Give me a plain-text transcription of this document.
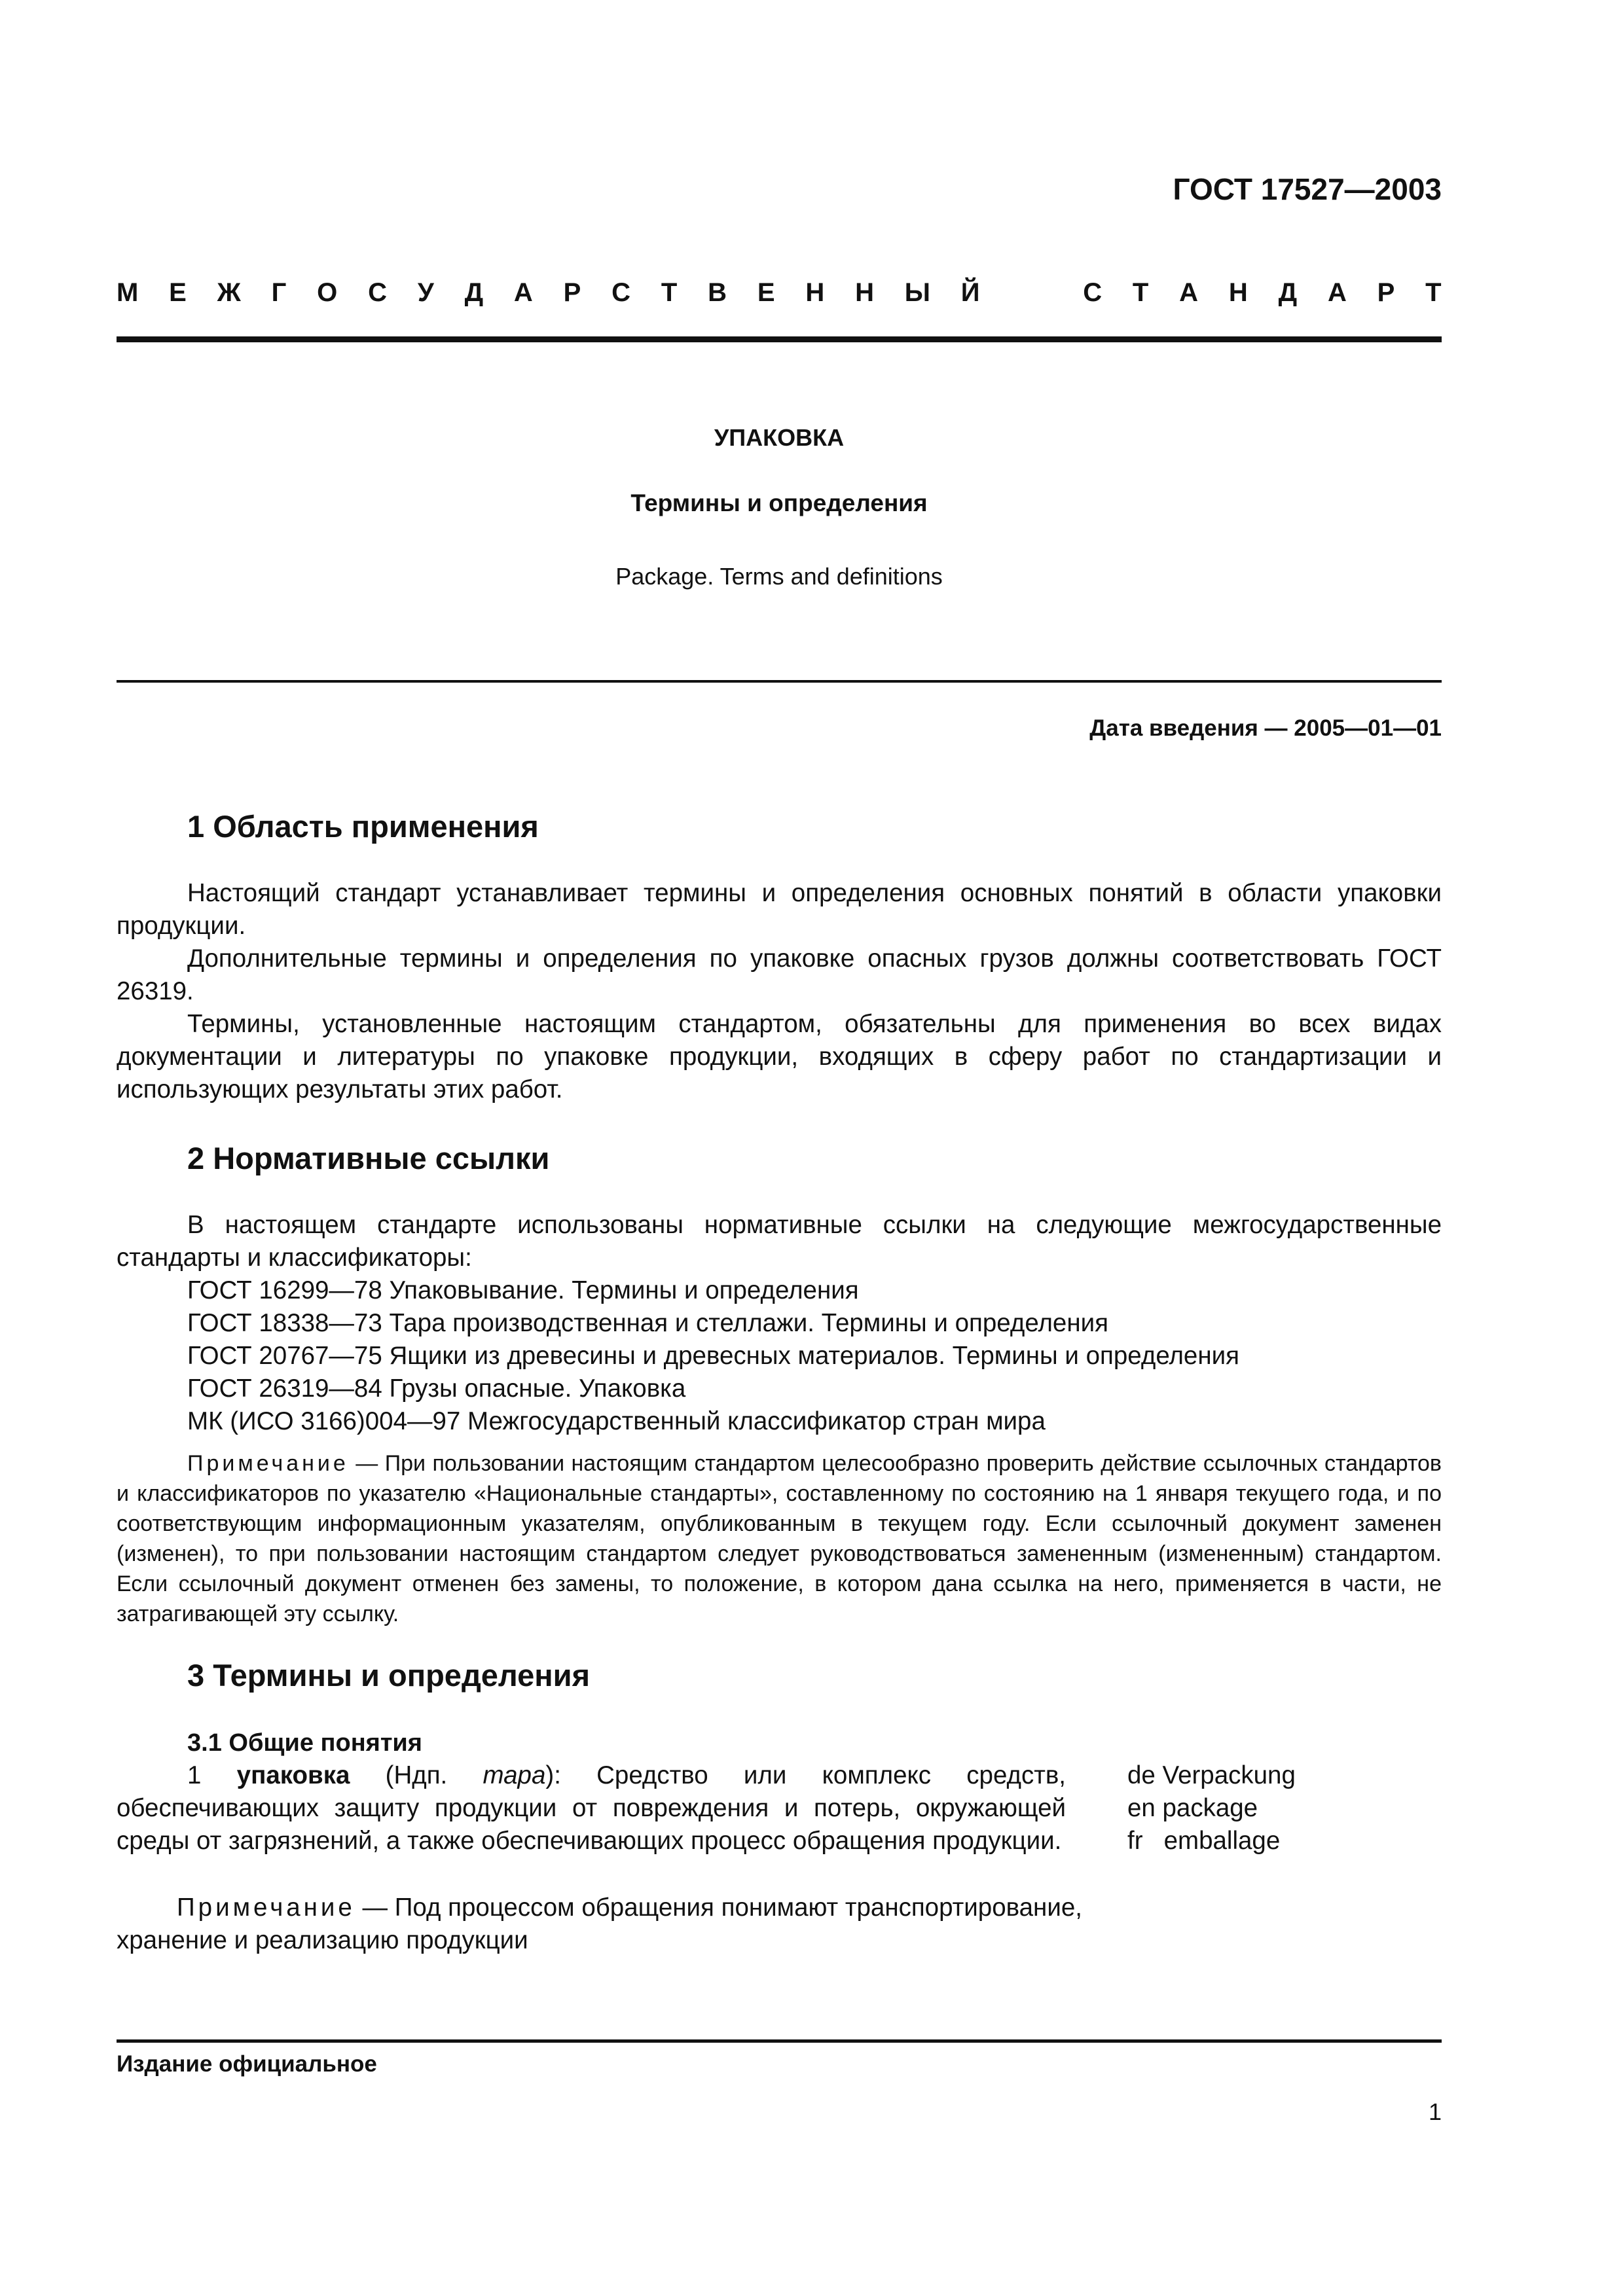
ГОСТ 17527—2003
М Е Ж Г О С У Д А Р С Т В Е Н Н Ы Й	С Т А Н Д А Р Т
УПАКОВКА
Термины и определения
Package. Terms and definitions
Дата введения — 2005—01—01
1 Область применения

Настоящий стандарт устанавливает термины и определения основных понятий в области упаковки продукции.

Дополнительные термины и определения по упаковке опасных грузов должны соответствовать ГОСТ 26319.

Термины, установленные настоящим стандартом, обязательны для применения во всех видах документации и литературы по упаковке продукции, входящих в сферу работ по стандартизации и использующих результаты этих работ.

2 Нормативные ссылки

В настоящем стандарте использованы нормативные ссылки на следующие межгосударственные стандарты и классификаторы:

ГОСТ 16299—78 Упаковывание. Термины и определения
ГОСТ 18338—73 Тара производственная и стеллажи. Термины и определения
ГОСТ 20767—75 Ящики из древесины и древесных материалов. Термины и определения
ГОСТ 26319—84 Грузы опасные. Упаковка
МК (ИСО 3166)004—97 Межгосударственный классификатор стран мира

Примечание — При пользовании настоящим стандартом целесообразно проверить действие ссылочных стандартов и классификаторов по указателю «Национальные стандарты», составленному по состоянию на 1 января текущего года, и по соответствующим информационным указателям, опубликованным в текущем году. Если ссылочный документ заменен (изменен), то при пользовании настоящим стандартом следует руководствоваться замененным (измененным) стандартом. Если ссылочный документ отменен без замены, то положение, в котором дана ссылка на него, применяется в части, не затрагивающей эту ссылку.

3 Термины и определения
3.1 Общие понятия

1 упаковка (Ндп. тара): Средство или комплекс средств, обеспечивающих защиту продукции от повреждения и потерь, окружающей среды от загрязнений, а также обеспечивающих процесс обращения продукции.

de Verpackung
en package
fr   emballage

Примечание — Под процессом обращения понимают транспортирование, хранение и реализацию продукции

Издание официальное
1
